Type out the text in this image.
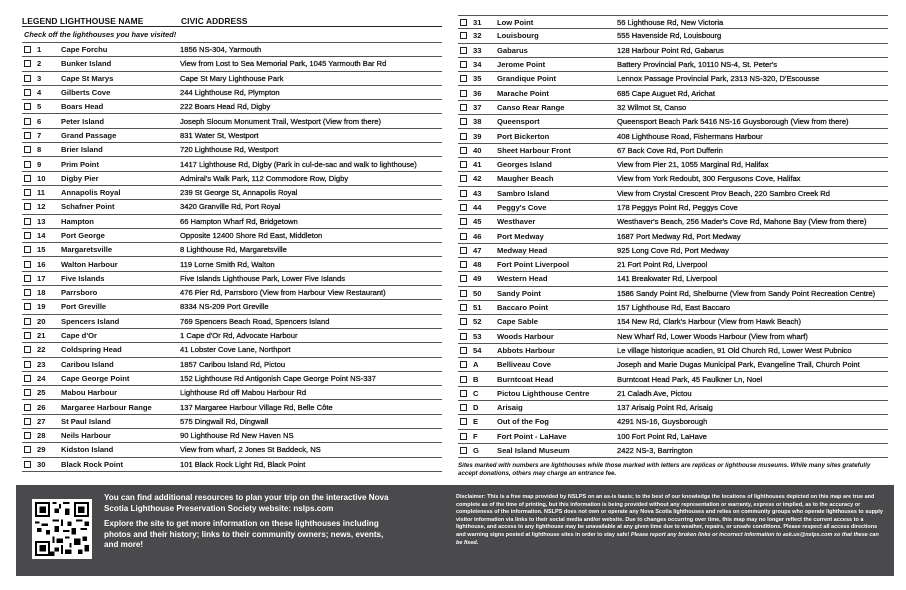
LEGEND LIGHTHOUSE NAME	CIVIC ADDRESS
Check off the lighthouses you have visited!
1	Cape Forchu	1856 NS-304, Yarmouth
2	Bunker Island	View from Lost to Sea Memorial Park, 1045 Yarmouth Bar Rd
3	Cape St Marys	Cape St Mary Lighthouse Park
4	Gilberts Cove	244 Lighthouse Rd, Plympton
5	Boars Head	222 Boars Head Rd, Digby
6	Peter Island	Joseph Slocum Monument Trail, Westport (View from there)
7	Grand Passage	831 Water St, Westport
8	Brier Island	720 Lighthouse Rd, Westport
9	Prim Point	1417 Lighthouse Rd, Digby (Park in cul-de-sac and walk to lighthouse)
10	Digby Pier	Admiral's Walk Park, 112 Commodore Row, Digby
11	Annapolis Royal	239 St George St, Annapolis Royal
12	Schafner Point	3420 Granville Rd, Port Royal
13	Hampton	66 Hampton Wharf Rd, Bridgetown
14	Port George	Opposite 12400 Shore Rd East, Middleton
15	Margaretsville	8 Lighthouse Rd, Margaretsville
16	Walton Harbour	119 Lorne Smith Rd, Walton
17	Five Islands	Five Islands Lighthouse Park, Lower Five Islands
18	Parrsboro	476 Pier Rd, Parrsboro (View from Harbour View Restaurant)
19	Port Greville	8334 NS-209 Port Greville
20	Spencers Island	769 Spencers Beach Road, Spencers Island
21	Cape d'Or	1 Cape d'Or Rd, Advocate Harbour
22	Coldspring Head	41 Lobster Cove Lane, Northport
23	Caribou Island	1857 Caribou Island Rd, Pictou
24	Cape George Point	152 Lighthouse Rd Antigonish Cape George Point NS-337
25	Mabou Harbour	Lighthouse Rd off Mabou Harbour Rd
26	Margaree Harbour Range	137 Margaree Harbour Village Rd, Belle Côte
27	St Paul Island	575 Dingwall Rd, Dingwall
28	Neils Harbour	90 Lighthouse Rd New Haven NS
29	Kidston Island	View from wharf, 2 Jones St Baddeck, NS
30	Black Rock Point	101 Black Rock Light Rd, Black Point
31	Low Point	56 Lighthouse Rd, New Victoria
32	Louisbourg	555 Havenside Rd, Louisbourg
33	Gabarus	128 Harbour Point Rd, Gabarus
34	Jerome Point	Battery Provincial Park, 10110 NS-4, St. Peter's
35	Grandique Point	Lennox Passage Provincial Park, 2313 NS-320, D'Escousse
36	Marache Point	685 Cape Auguet Rd, Arichat
37	Canso Rear Range	32 Wilmot St, Canso
38	Queensport	Queensport Beach Park 5416 NS-16 Guysborough (View from there)
39	Port Bickerton	408 Lighthouse Road, Fishermans Harbour
40	Sheet Harbour Front	67 Back Cove Rd, Port Dufferin
41	Georges Island	View from Pier 21, 1055 Marginal Rd, Halifax
42	Maugher Beach	View from York Redoubt, 300 Fergusons Cove, Halifax
43	Sambro Island	View from Crystal Crescent Prov Beach, 220 Sambro Creek Rd
44	Peggy's Cove	178 Peggys Point Rd, Peggys Cove
45	Westhaver	Westhaver's Beach, 256 Mader's Cove Rd, Mahone Bay (View from there)
46	Port Medway	1687 Port Medway Rd, Port Medway
47	Medway Head	925 Long Cove Rd, Port Medway
48	Fort Point Liverpool	21 Fort Point Rd, Liverpool
49	Western Head	141 Breakwater Rd, Liverpool
50	Sandy Point	1586 Sandy Point Rd, Shelburne (View from Sandy Point Recreation Centre)
51	Baccaro Point	157 Lighthouse Rd, East Baccaro
52	Cape Sable	154 New Rd, Clark's Harbour (View from Hawk Beach)
53	Woods Harbour	New Wharf Rd, Lower Woods Harbour (View from wharf)
54	Abbots Harbour	Le village historique acadien, 91 Old Church Rd, Lower West Pubnico
A	Belliveau Cove	Joseph and Marie Dugas Municipal Park, Evangeline Trail, Church Point
B	Burntcoat Head	Burntcoat Head Park, 45 Faulkner Ln, Noel
C	Pictou Lighthouse Centre	21 Caladh Ave, Pictou
D	Arisaig	137 Arisaig Point Rd, Arisaig
E	Out of the Fog	4291 NS-16, Guysborough
F	Fort Point - LaHave	100 Fort Point Rd, LaHave
G	Seal Island Museum	2422 NS-3, Barrington
Sites marked with numbers are lighthouses while those marked with letters are replicas or lighthouse museums. While many sites gratefully accept donations, others may charge an entrance fee.

You can find additional resources to plan your trip on the interactive Nova Scotia Lighthouse Preservation Society website: nslps.com

Explore the site to get more information on these lighthouses including photos and their history; links to their community owners; news, events, and more!

Disclaimer: This is a free map provided by NSLPS on an as-is basis; to the best of our knowledge the locations of lighthouses depicted on this map are true and complete as of the time of printing, but this information is being provided without any representation or warranty, express or implied, as to the accuracy or completeness of the information. NSLPS does not own or operate any Nova Scotia lighthouses and relies on community groups who operate lighthouses to supply visitor information via links to their social media and/or website. Due to changes occurring over time, this map may no longer reflect the current access to a lighthouse, and access to any lighthouse may be unavailable at any given time due to weather, repairs, or unsafe conditions. Please respect all access directions and warning signs posted at lighthouse sites in order to stay safe! Please report any broken links or incorrect information to ask.us@nslps.com so that these can be fixed.
